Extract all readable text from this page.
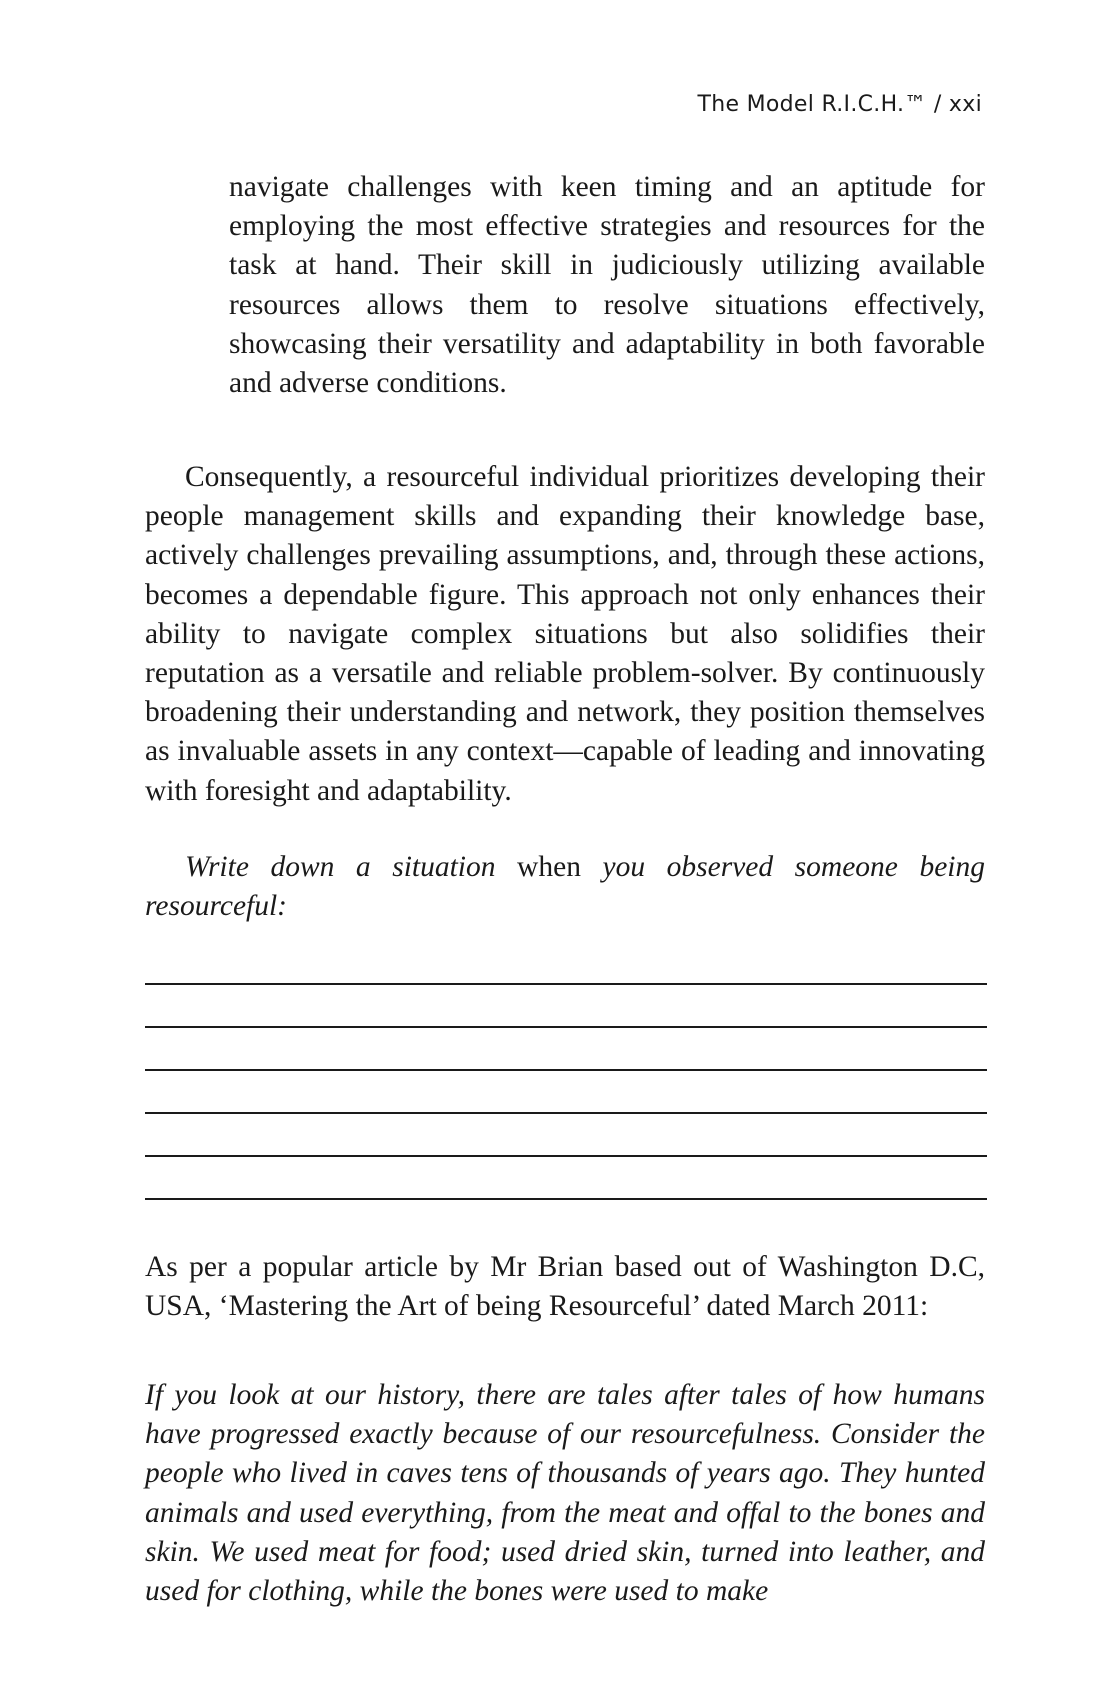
The Model R.I.C.H.™ / xxi

navigate challenges with keen timing and an aptitude for employing the most effective strategies and resources for the task at hand. Their skill in judiciously utilizing available resources allows them to resolve situations effectively, showcasing their versatility and adaptability in both favorable and adverse conditions.

Consequently, a resourceful individual prioritizes developing their people management skills and expanding their knowledge base, actively challenges prevailing assumptions, and, through these actions, becomes a dependable figure. This approach not only enhances their ability to navigate complex situations but also solidifies their reputation as a versatile and reliable problem-solver. By continuously broadening their understanding and network, they position themselves as invaluable assets in any context—capable of leading and innovating with foresight and adaptability.

Write down a situation when you observed someone being resourceful:

As per a popular article by Mr Brian based out of Washington D.C, USA, ‘Mastering the Art of being Resourceful’ dated March 2011:

If you look at our history, there are tales after tales of how humans have progressed exactly because of our resourcefulness. Consider the people who lived in caves tens of thousands of years ago. They hunted animals and used everything, from the meat and offal to the bones and skin. We used meat for food; used dried skin, turned into leather, and used for clothing, while the bones were used to make
